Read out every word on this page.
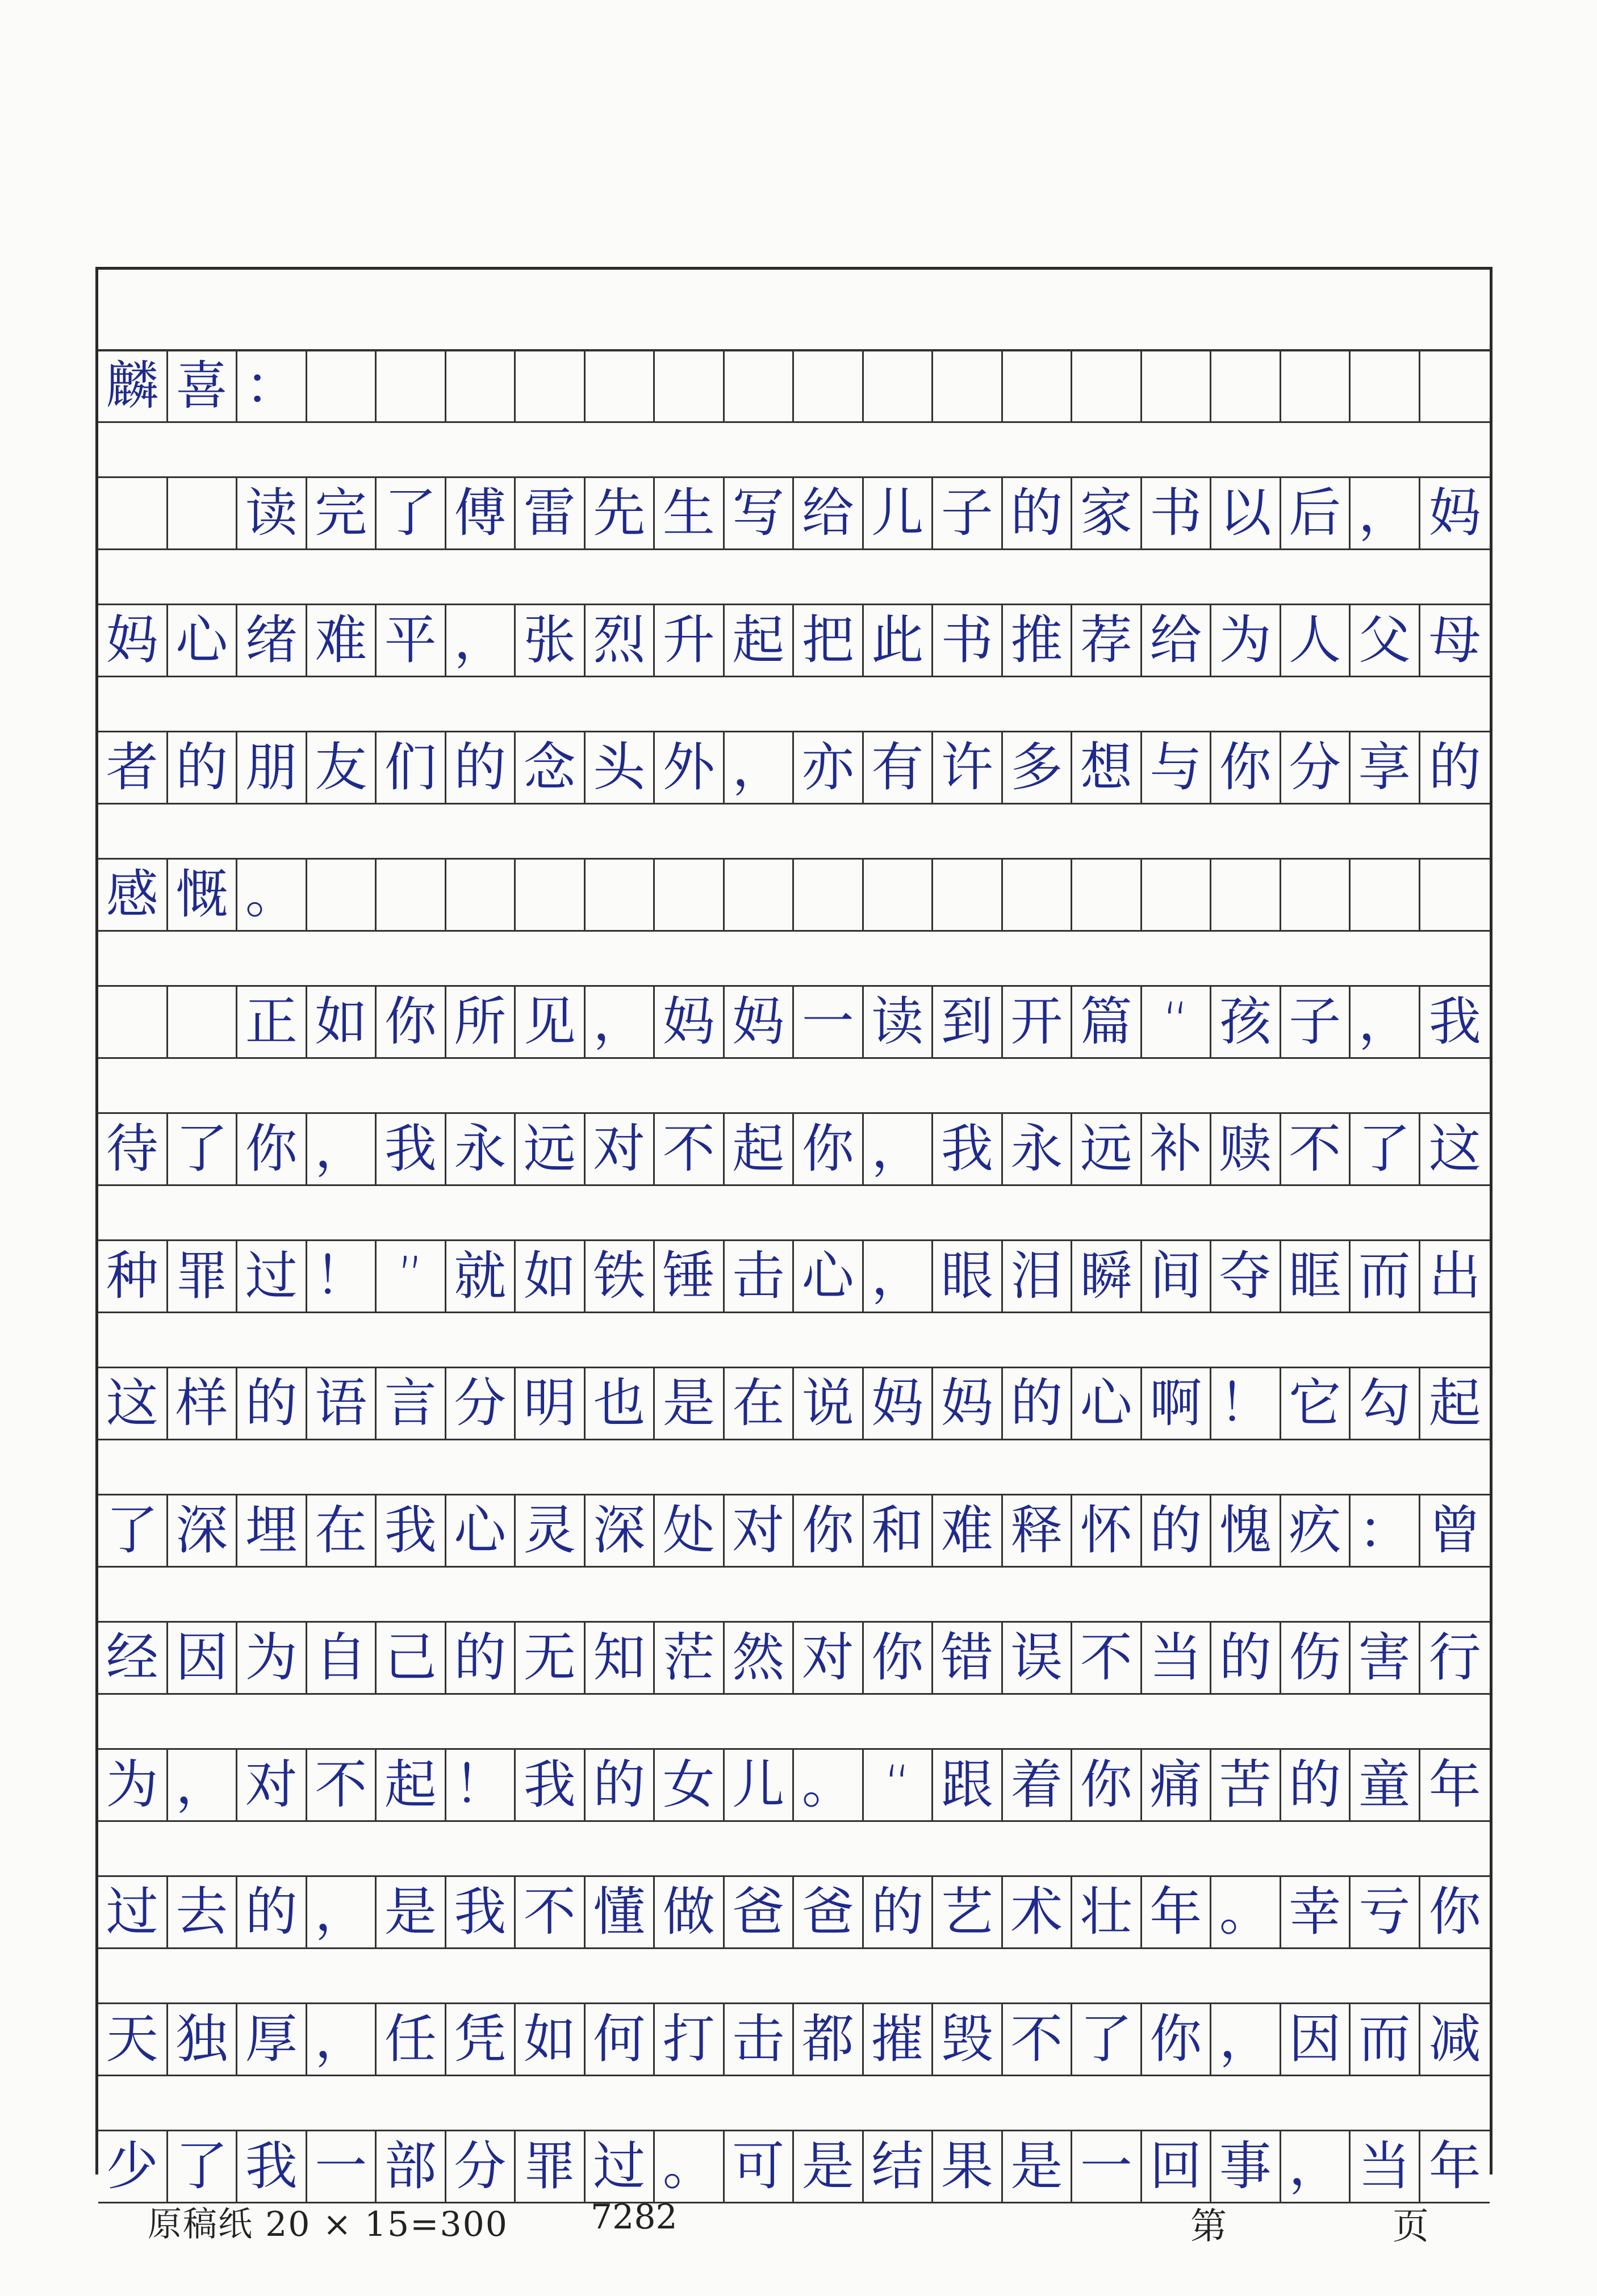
麟 喜 ：
读 完 了 傅 雷 先 生 写 给 儿 子 的 家 书 以 后 ， 妈
妈 心 绪 难 平 ， 张 烈 升 起 把 此 书 推 荐 给 为 人 父 母
者 的 朋 友 们 的 念 头 外 ， 亦 有 许 多 想 与 你 分 享 的
感 慨 。
正 如 你 所 见 ， 妈 妈 一 读 到 开 篇 “ 孩 子 ， 我
待 了 你 ， 我 永 远 对 不 起 你 ， 我 永 远 补 赎 不 了 这
种 罪 过 ！ ” 就 如 铁 锤 击 心 ， 眼 泪 瞬 间 夺 眶 而 出
这 样 的 语 言 分 明 也 是 在 说 妈 妈 的 心 啊 ！ 它 勾 起
了 深 埋 在 我 心 灵 深 处 对 你 和 难 释 怀 的 愧 疚 ： 曾
经 因 为 自 己 的 无 知 茫 然 对 你 错 误 不 当 的 伤 害 行
为 ， 对 不 起 ！ 我 的 女 儿 。 “ 跟 着 你 痛 苦 的 童 年
过 去 的 ， 是 我 不 懂 做 爸 爸 的 艺 术 壮 年 。 幸 亏 你
天 独 厚 ， 任 凭 如 何 打 击 都 摧 毁 不 了 你 ， 因 而 减
少 了 我 一 部 分 罪 过 。 可 是 结 果 是 一 回 事 ， 当 年
原稿纸 20 × 15=300 7282	第	页
